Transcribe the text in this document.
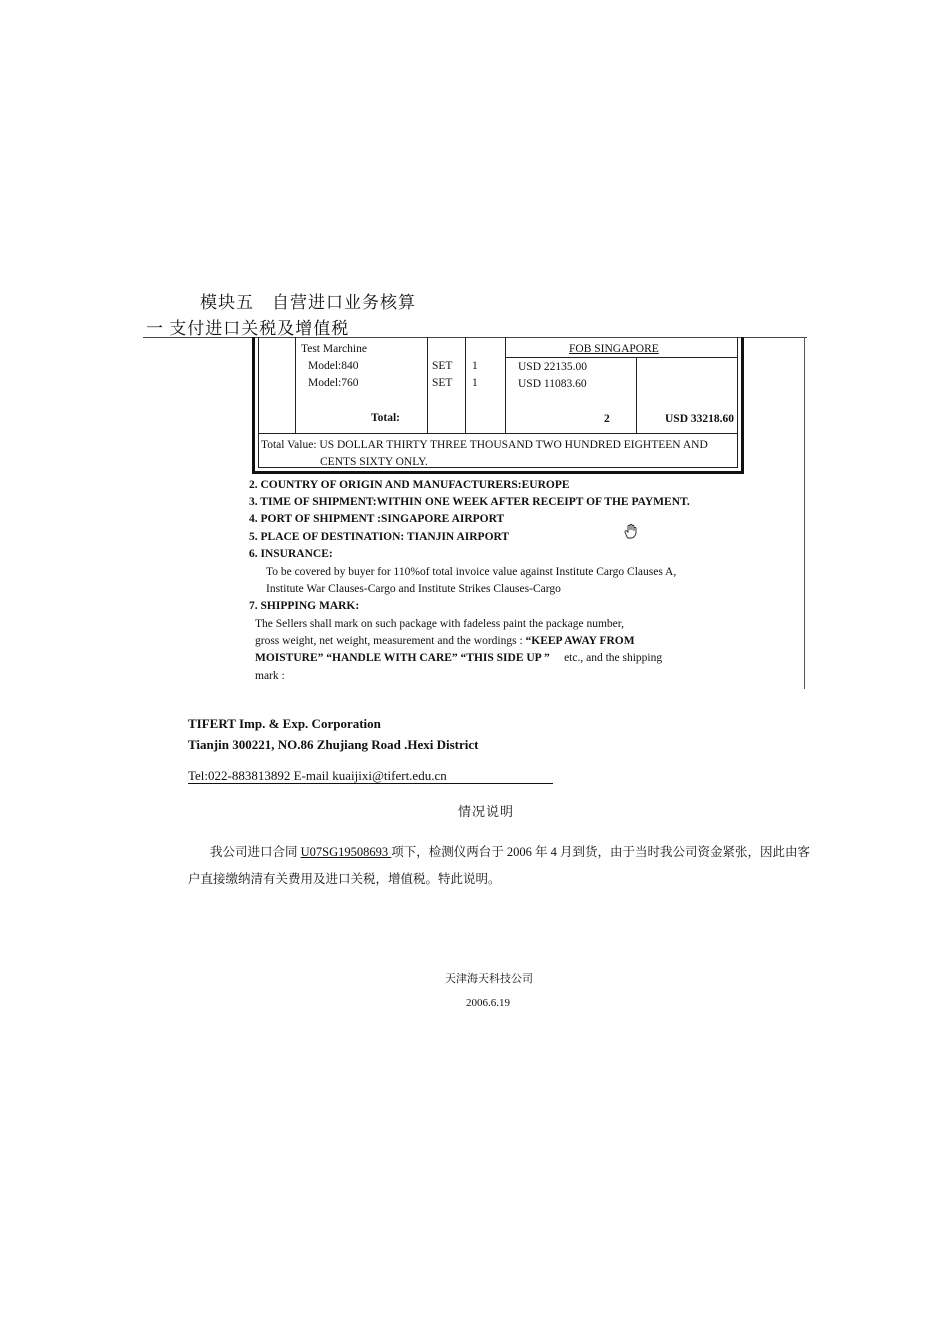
模块五　自营进口业务核算
一 支付进口关税及增值税
Test Marchine	FOB SINGAPORE
Model:840	SET 1	USD 22135.00
Model:760	SET 1	USD 11083.60
Total:	2	USD 33218.60
Total Value: US DOLLAR THIRTY THREE THOUSAND TWO HUNDRED EIGHTEEN AND
CENTS SIXTY ONLY.
2. COUNTRY OF ORIGIN AND MANUFACTURERS:EUROPE
3. TIME OF SHIPMENT:WITHIN ONE WEEK AFTER RECEIPT OF THE PAYMENT.
4. PORT OF SHIPMENT :SINGAPORE AIRPORT
5. PLACE OF DESTINATION: TIANJIN AIRPORT
6. INSURANCE:
To be covered by buyer for 110%of total invoice value against Institute Cargo Clauses A,
Institute War Clauses-Cargo and Institute Strikes Clauses-Cargo
7. SHIPPING MARK:
The Sellers shall mark on such package with fadeless paint the package number,
gross weight, net weight, measurement and the wordings : “KEEP AWAY FROM
MOISTURE” “HANDLE WITH CARE” “THIS SIDE UP ” etc., and the shipping
mark :
TIFERT Imp. & Exp. Corporation
Tianjin 300221, NO.86 Zhujiang Road .Hexi District
Tel:022-883813892 E-mail kuaijixi@tifert.edu.cn
情况说明
我公司进口合同 U07SG19508693 项下，检测仪两台于 2006 年 4 月到货，由于当时我公司资金紧张，因此由客
户直接缴纳清有关费用及进口关税，增值税。特此说明。
天津海天科技公司
2006.6.19
